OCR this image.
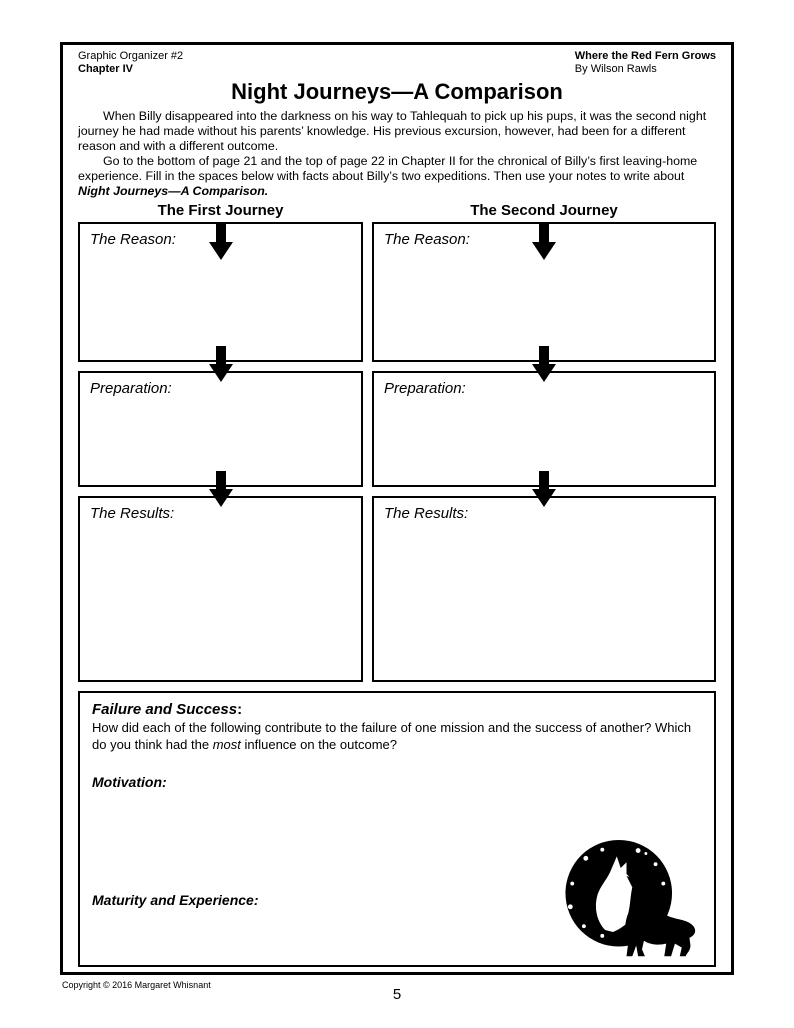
Graphic Organizer #2
Chapter IV
Where the Red Fern Grows
By Wilson Rawls
Night Journeys—A Comparison

When Billy disappeared into the darkness on his way to Tahlequah to pick up his pups, it was the second night journey he had made without his parents’ knowledge. His previous excursion, however, had been for a different reason and with a different outcome.

Go to the bottom of page 21 and the top of page 22 in Chapter II for the chronical of Billy’s first leaving-home experience. Fill in the spaces below with facts about Billy’s two expeditions. Then use your notes to write about
Night Journeys—A Comparison.

The First Journey	The Second Journey
The Reason:	The Reason:
Preparation:	Preparation:
The Results:	The Results:
Failure and Success:

How did each of the following contribute to the failure of one mission and the success of another? Which do you think had the most influence on the outcome?

Motivation:
Maturity and Experience:
Copyright © 2016 Margaret Whisnant
5
